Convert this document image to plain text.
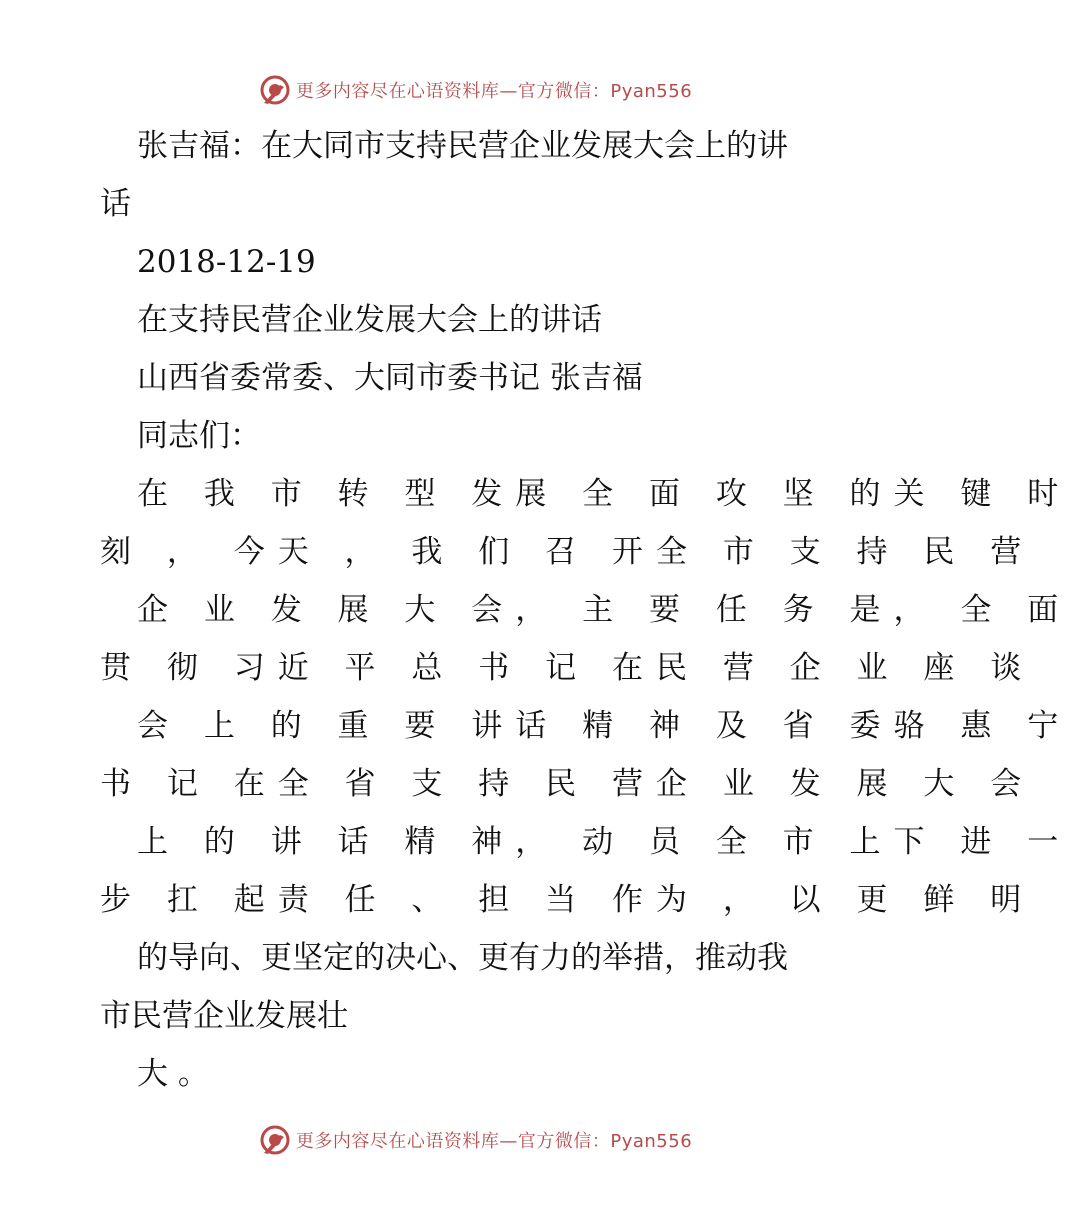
更多内容尽在心语资料库—官方微信：Pyan556
张吉福：在大同市支持民营企业发展大会上的讲
话
2018-12-19
在支持民营企业发展大会上的讲话
山西省委常委、大同市委书记 张吉福
同志们：
在 我 市 转 型 发展 全 面 攻 坚 的关 键 时
刻 ， 今天 ， 我 们 召 开全 市 支 持 民 营
企 业 发 展 大 会， 主 要 任 务 是， 全 面
贯 彻 习近 平 总 书 记 在民 营 企 业 座 谈
会 上 的 重 要 讲话 精 神 及 省 委骆 惠 宁
书 记 在全 省 支 持 民 营企 业 发 展 大 会
上 的 讲 话 精 神， 动 员 全 市 上下 进 一
步 扛 起责 任 、 担 当 作为 ， 以 更 鲜 明
的导向、更坚定的决心、更有力的举措，推动我
市民营企业发展壮
大 。
更多内容尽在心语资料库—官方微信：Pyan556
